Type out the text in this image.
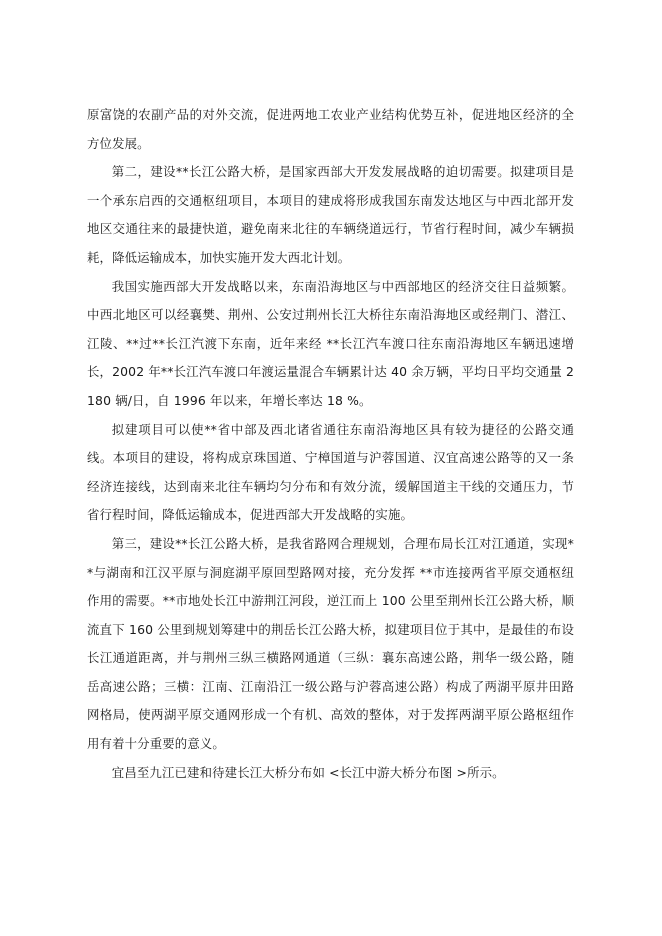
原富饶的农副产品的对外交流，促进两地工农业产业结构优势互补，促进地区经济的全方位发展。

第二，建设**长江公路大桥，是国家西部大开发发展战略的迫切需要。拟建项目是一个承东启西的交通枢纽项目，本项目的建成将形成我国东南发达地区与中西北部开发地区交通往来的最捷快道，避免南来北往的车辆绕道远行，节省行程时间，减少车辆损耗，降低运输成本，加快实施开发大西北计划。

我国实施西部大开发战略以来，东南沿海地区与中西部地区的经济交往日益频繁。中西北地区可以经襄樊、荆州、公安过荆州长江大桥往东南沿海地区或经荆门、潜江、江陵、**过**长江汽渡下东南，近年来经 **长江汽车渡口往东南沿海地区车辆迅速增长，2002 年**长江汽车渡口年渡运量混合车辆累计达 40 余万辆，平均日平均交通量 2180 辆/日，自 1996 年以来，年增长率达 18 %。

拟建项目可以使**省中部及西北诸省通往东南沿海地区具有较为捷径的公路交通线。本项目的建设，将构成京珠国道、宁樟国道与沪蓉国道、汉宜高速公路等的又一条经济连接线，达到南来北往车辆均匀分布和有效分流，缓解国道主干线的交通压力，节省行程时间，降低运输成本，促进西部大开发战略的实施。

第三，建设**长江公路大桥，是我省路网合理规划，合理布局长江对江通道，实现**与湖南和江汉平原与洞庭湖平原回型路网对接，充分发挥 **市连接两省平原交通枢纽作用的需要。**市地处长江中游荆江河段，逆江而上 100 公里至荆州长江公路大桥，顺流直下 160 公里到规划筹建中的荆岳长江公路大桥，拟建项目位于其中，是最佳的布设长江通道距离，并与荆州三纵三横路网通道（三纵：襄东高速公路，荆华一级公路，随岳高速公路；三横：江南、江南沿江一级公路与沪蓉高速公路）构成了两湖平原井田路网格局，使两湖平原交通网形成一个有机、高效的整体，对于发挥两湖平原公路枢纽作用有着十分重要的意义。

宜昌至九江已建和待建长江大桥分布如 <长江中游大桥分布图 >所示。
